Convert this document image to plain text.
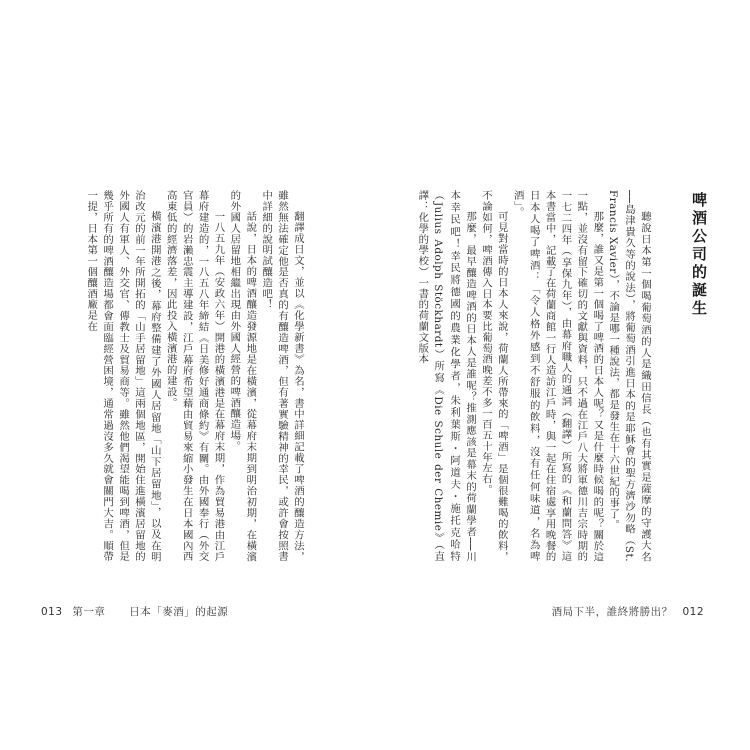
翻譯成日文，並以《化學新書》為名，書中詳細記載了啤酒的釀造方法，雖然無法確定他是否真的有釀造啤酒，但有著實驗精神的幸民，或許會按照書中詳細的說明試釀造吧！

話說，日本的啤酒釀造發源地是在橫濱，從幕府末期到明治初期，在橫濱的外國人居留地相繼出現由外國人經營的啤酒釀造場。

一八五九年（安政六年）開港的橫濱港是在幕府末期，作為貿易港由江戶幕府建造的，一八五八年締結《日美修好通商條約》有關。由外國奉行（外交官員）的岩瀨忠震主導建設，江戶幕府希望藉由貿易來縮小發生在日本國內西高東低的經濟落差，因此投入橫濱港的建設。

橫濱港開港之後，幕府整備建了外國人居留地「山下居留地」，以及在明治改元的前一年所開拓的「山手居留地」這兩個地區，開始住進橫濱居留地的外國人有軍人、外交官、傳教士及貿易商等。雖然他們渴望能喝到啤酒，但是幾乎所有的啤酒釀造場都會面臨經營困境，通常過沒多久就會關門大吉。順帶一提，日本第一個釀酒廠是在

013 第一章 日本「麥酒」的起源
啤酒公司的誕生

聽說日本第一個喝葡萄酒的人是織田信長（也有其實是薩摩的守護大名──島津貴久等的說法），將葡萄酒引進日本的是耶穌會的聖方濟沙勿略（St. Francis Xavier），不論是哪一種說法，都是發生在十六世紀的事了。

那麼，誰又是第一個喝了啤酒的日本人呢？又是什麼時候喝的呢？關於這一點，並沒有留下確切的文獻與資料，只不過在江戶八大將軍德川吉宗時期的一七二四年（享保九年），由幕府職人的通詞（翻譯）所寫的《和蘭問答》這本書當中，記載了在荷蘭商館一行人造訪江戶時，與一起在住宿處享用晚餐的日本人喝了啤酒：「令人格外感到不舒服的飲料，沒有任何味道，名為啤酒」。

可見對當時的日本人來說，荷蘭人所帶來的「啤酒」是個很難喝的飲料，不論如何，啤酒傳入日本要比葡萄酒晚差不多一百五十年左右。

那麼，最早釀造啤酒的日本人是誰呢？推測應該是幕末的荷蘭學者──川本幸民吧！幸民將德國的農業化學者，朱利葉斯・阿道夫・施托克哈特（Julius Adolph Stöckhardt）所寫《Die Schule der Chemie》（直譯：化學的學校）一書的荷蘭文版本

酒局下半，誰終將勝出？ 012
